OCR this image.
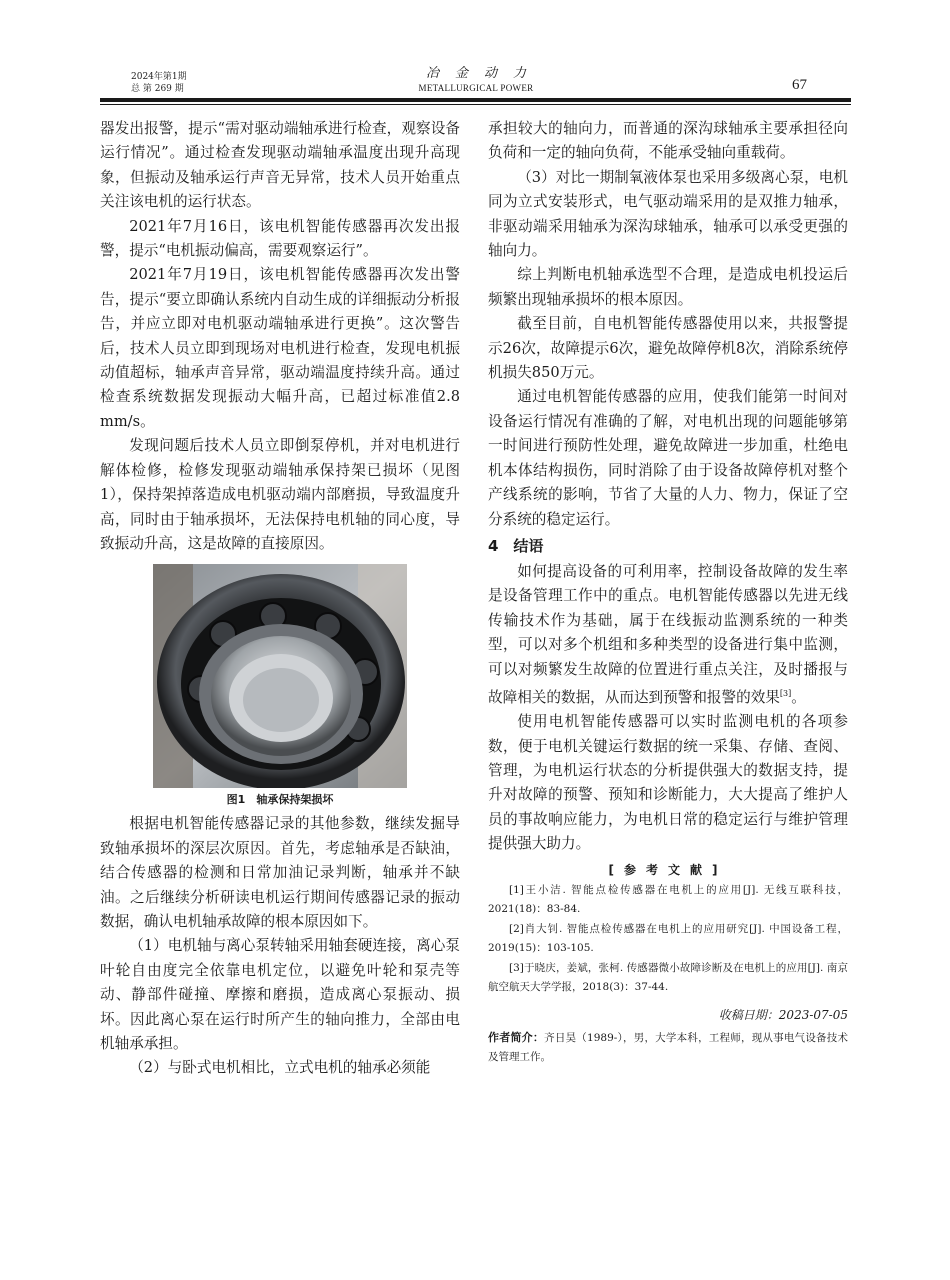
2024年第1期
总 第 269 期
冶金动力
METALLURGICAL POWER	67

器发出报警，提示“需对驱动端轴承进行检查，观察设备运行情况”。通过检查发现驱动端轴承温度出现升高现象，但振动及轴承运行声音无异常，技术人员开始重点关注该电机的运行状态。

2021年7月16日，该电机智能传感器再次发出报警，提示“电机振动偏高，需要观察运行”。

2021年7月19日，该电机智能传感器再次发出警告，提示“要立即确认系统内自动生成的详细振动分析报告，并应立即对电机驱动端轴承进行更换”。这次警告后，技术人员立即到现场对电机进行检查，发现电机振动值超标，轴承声音异常，驱动端温度持续升高。通过检查系统数据发现振动大幅升高，已超过标准值2.8 mm/s。

发现问题后技术人员立即倒泵停机，并对电机进行解体检修，检修发现驱动端轴承保持架已损坏（见图1），保持架掉落造成电机驱动端内部磨损，导致温度升高，同时由于轴承损坏，无法保持电机轴的同心度，导致振动升高，这是故障的直接原因。

图1　轴承保持架损坏

根据电机智能传感器记录的其他参数，继续发掘导致轴承损坏的深层次原因。首先，考虑轴承是否缺油，结合传感器的检测和日常加油记录判断，轴承并不缺油。之后继续分析研读电机运行期间传感器记录的振动数据，确认电机轴承故障的根本原因如下。

（1）电机轴与离心泵转轴采用轴套硬连接，离心泵叶轮自由度完全依靠电机定位，以避免叶轮和泵壳等动、静部件碰撞、摩擦和磨损，造成离心泵振动、损坏。因此离心泵在运行时所产生的轴向推力，全部由电机轴承承担。

（2）与卧式电机相比，立式电机的轴承必须能

承担较大的轴向力，而普通的深沟球轴承主要承担径向负荷和一定的轴向负荷，不能承受轴向重载荷。

（3）对比一期制氧液体泵也采用多级离心泵，电机同为立式安装形式，电气驱动端采用的是双推力轴承，非驱动端采用轴承为深沟球轴承，轴承可以承受更强的轴向力。

综上判断电机轴承选型不合理，是造成电机投运后频繁出现轴承损坏的根本原因。

截至目前，自电机智能传感器使用以来，共报警提示26次，故障提示6次，避免故障停机8次，消除系统停机损失850万元。

通过电机智能传感器的应用，使我们能第一时间对设备运行情况有准确的了解，对电机出现的问题能够第一时间进行预防性处理，避免故障进一步加重，杜绝电机本体结构损伤，同时消除了由于设备故障停机对整个产线系统的影响，节省了大量的人力、物力，保证了空分系统的稳定运行。

4　结语

如何提高设备的可利用率，控制设备故障的发生率是设备管理工作中的重点。电机智能传感器以先进无线传输技术作为基础，属于在线振动监测系统的一种类型，可以对多个机组和多种类型的设备进行集中监测，可以对频繁发生故障的位置进行重点关注，及时播报与故障相关的数据，从而达到预警和报警的效果[3]。

使用电机智能传感器可以实时监测电机的各项参数，便于电机关键运行数据的统一采集、存储、查阅、管理，为电机运行状态的分析提供强大的数据支持，提升对故障的预警、预知和诊断能力，大大提高了维护人员的事故响应能力，为电机日常的稳定运行与维护管理提供强大助力。

[参考文献]

[1]王小洁. 智能点检传感器在电机上的应用[J]. 无线互联科技，2021(18)：83-84.

[2]肖大钊. 智能点检传感器在电机上的应用研究[J]. 中国设备工程，2019(15)：103-105.

[3]于晓庆，姜斌，张柯. 传感器微小故障诊断及在电机上的应用[J]. 南京航空航天大学学报，2018(3)：37-44.

收稿日期：2023-07-05
作者简介：齐日昊（1989-），男，大学本科，工程师，现从事电气设备技术及管理工作。
